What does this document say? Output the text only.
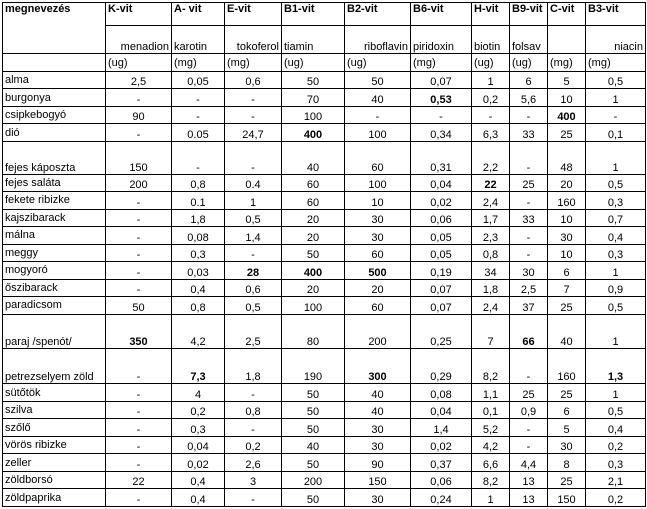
megnevezés	K-vit	A- vit	E-vit	B1-vit	B2-vit	B6-vit	H-vit	B9-vit	C-vit	B3-vit
	menadion	karotin	tokoferol	tiamin	riboflavin	piridoxin	biotin	folsav		niacin
	(ug)	(mg)	(mg)	(ug)	(ug)	(mg)	(ug)	(ug)	(mg)	(mg)
alma	2,5	0,05	0,6	50	50	0,07	1	6	5	0,5
burgonya	-	-	-	70	40	0,53	0,2	5,6	10	1
csipkebogyó	90	-	-	100	-	-	-	-	400	-
dió	-	0.05	24,7	400	100	0,34	6,3	33	25	0,1
fejes káposzta	150	-	-	40	60	0,31	2,2	-	48	1
fejes saláta	200	0,8	0.4	60	100	0,04	22	25	20	0,5
fekete ribizke	-	0.1	1	60	10	0,02	2,4	-	160	0,3
kajszibarack	-	1,8	0,5	20	30	0,06	1,7	33	10	0,7
málna	-	0,08	1,4	20	30	0,05	2,3	-	30	0,4
meggy	-	0,3	-	50	60	0,05	0,8	-	10	0,3
mogyoró	-	0,03	28	400	500	0,19	34	30	6	1
őszibarack	-	0,4	0,6	20	20	0,07	1,8	2,5	7	0,9
paradicsom	50	0,8	0,5	100	60	0,07	2,4	37	25	0,5
paraj /spenót/	350	4,2	2,5	80	200	0,25	7	66	40	1
petrezselyem zöld	-	7,3	1,8	190	300	0,29	8,2	-	160	1,3
sütőtök	-	4	-	50	40	0,08	1,1	25	25	1
szilva	-	0,2	0,8	50	40	0,04	0,1	0,9	6	0,5
szőlő	-	0,3	-	50	30	1,4	5,2	-	5	0,4
vörös ribizke	-	0,04	0,2	40	30	0,02	4,2	-	30	0,2
zeller	-	0,02	2,6	50	90	0,37	6,6	4,4	8	0,3
zöldborsó	22	0,4	3	200	150	0,06	8,2	13	25	2,1
zöldpaprika	-	0,4	-	50	30	0,24	1	13	150	0,2
